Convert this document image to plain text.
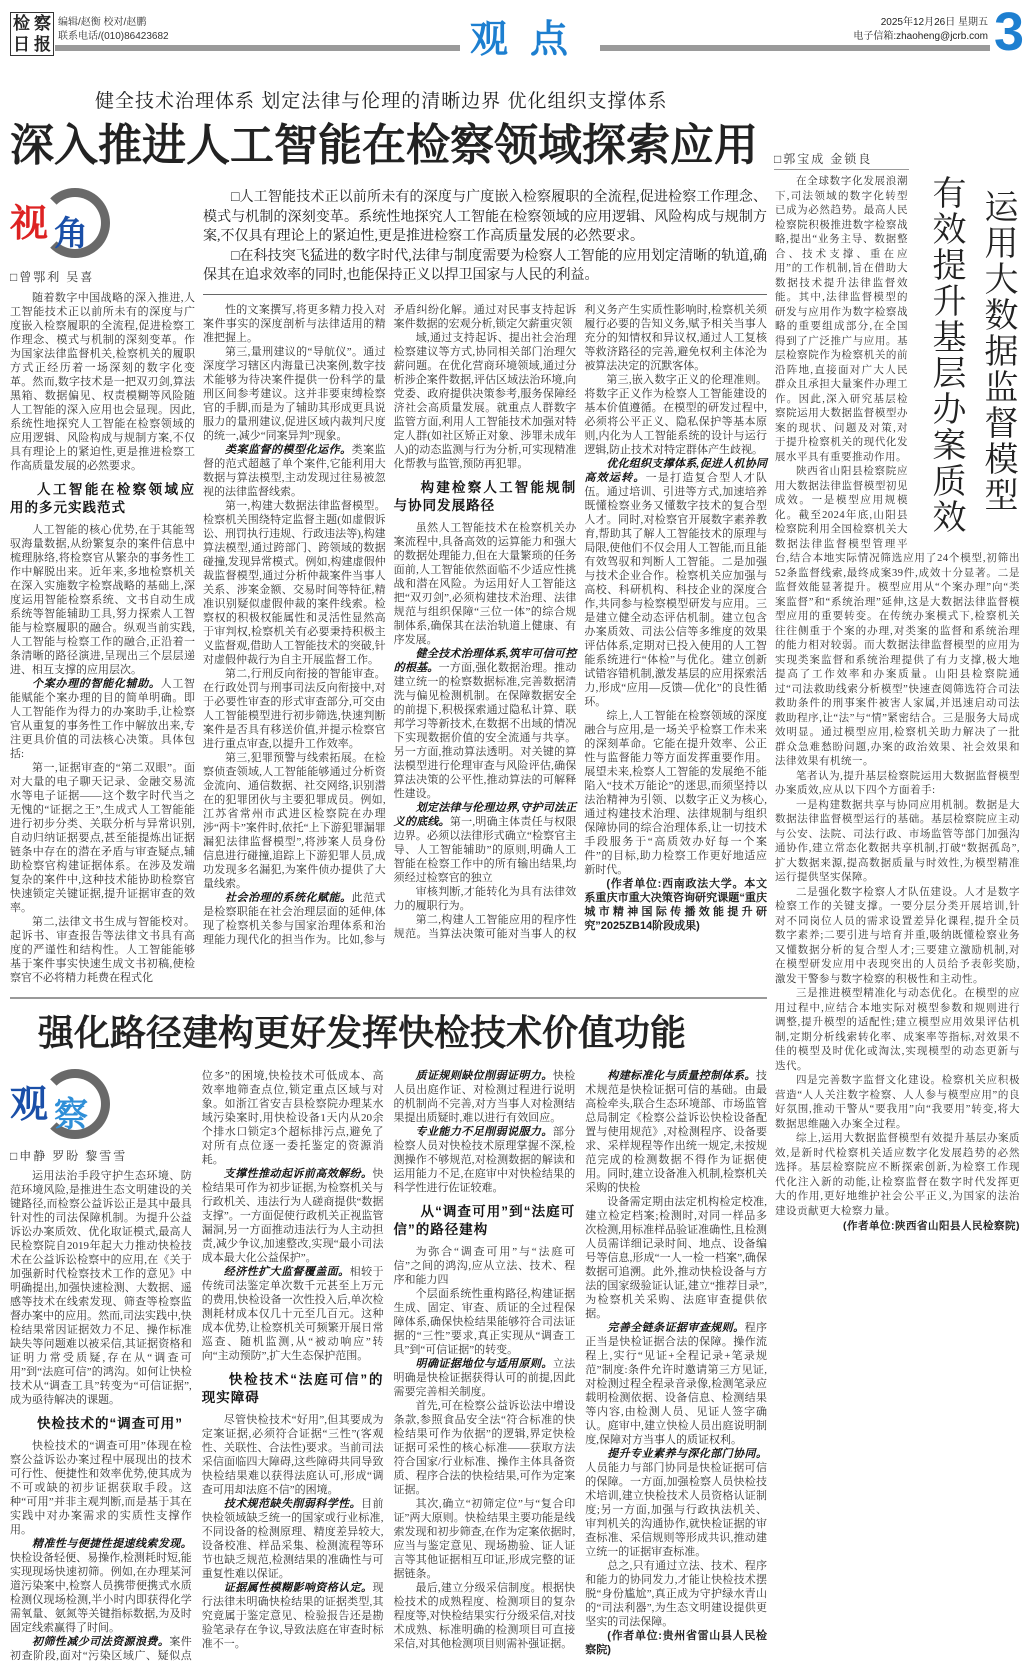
检 察
日 报
编辑/赵衡 校对/赵鹏
联系电话/(010)86423682	观点	2025年12月26日 星期五
电子信箱:zhaoheng@jcrb.com 3
健全技术治理体系 划定法律与伦理的清晰边界 优化组织支撑体系
深入推进人工智能在检察领域探索应用
视 角
□曾鄂利 吴喜

随着数字中国战略的深入推进,人工智能技术正以前所未有的深度与广度嵌入检察履职的全流程,促进检察工作理念、模式与机制的深刻变革。作为国家法律监督机关,检察机关的履职方式正经历着一场深刻的数字化变革。然而,数字技术是一把双刃剑,算法黑箱、数据偏见、权责模糊等风险随人工智能的深入应用也会显现。因此,系统性地探究人工智能在检察领域的应用逻辑、风险构成与规制方案,不仅具有理论上的紧迫性,更是推进检察工作高质量发展的必然要求。

人工智能在检察领域应用的多元实践范式

人工智能的核心优势,在于其能驾驭海量数据,从纷繁复杂的案件信息中梳理脉络,将检察官从繁杂的事务性工作中解脱出来。近年来,多地检察机关在深入实施数字检察战略的基础上,深度运用智能检察系统、文书自动生成系统等智能辅助工具,努力探索人工智能与检察履职的融合。纵观当前实践,人工智能与检察工作的融合,正沿着一条清晰的路径演进,呈现出三个层层递进、相互支撑的应用层次。

个案办理的智能化辅助。人工智能赋能个案办理的目的简单明确。即人工智能作为得力的办案助手,让检察官从重复的事务性工作中解放出来,专注更具价值的司法核心决策。具体包括:

第一,证据审查的“第二双眼”。面对大量的电子聊天记录、金融交易流水等电子证据——这个数字时代当之无愧的“证据之王”,生成式人工智能能进行初步分类、关联分析与异常识别,自动归纳证据要点,甚至能提炼出证据链条中存在的潜在矛盾与审查疑点,辅助检察官构建证据体系。在涉及发端复杂的案件中,这种技术能协助检察官快速锁定关键证据,提升证据审查的效率。

第二,法律文书生成与智能校对。起诉书、审查报告等法律文书具有高度的严谨性和结构性。人工智能能够基于案件事实快速生成文书初稿,使检察官不必将精力耗费在程式化

□人工智能技术正以前所未有的深度与广度嵌入检察履职的全流程,促进检察工作理念、模式与机制的深刻变革。系统性地探究人工智能在检察领域的应用逻辑、风险构成与规制方案,不仅具有理论上的紧迫性,更是推进检察工作高质量发展的必然要求。

□在科技突飞猛进的数字时代,法律与制度需要为检察人工智能的应用划定清晰的轨道,确保其在追求效率的同时,也能保持正义以捍卫国家与人民的利益。

性的文案撰写,将更多精力投入对案件事实的深度剖析与法律适用的精准把握上。

第三,量刑建议的“导航仪”。通过深度学习辖区内海量已决案例,数字技术能够为待决案件提供一份科学的量刑区间参考建议。这并非要束缚检察官的手脚,而是为了辅助其形成更具说服力的量刑建议,促进区域内裁判尺度的统一,减少“同案异判”现象。

类案监督的模型化运作。类案监督的范式超越了单个案件,它能利用大数据与算法模型,主动发现过往易被忽视的法律监督线索。

第一,构建大数据法律监督模型。检察机关围绕特定监督主题(如虚假诉讼、刑罚执行违规、行政违法等),构建算法模型,通过跨部门、跨领域的数据碰撞,发现异常模式。例如,构建虚假仲裁监督模型,通过分析仲裁案件当事人关系、涉案金额、交易时间等特征,精准识别疑似虚假仲裁的案件线索。检察权的积极权能属性和灵活性显然高于审判权,检察机关有必要秉持积极主义监督观,借助人工智能技术的突破,针对虚假仲裁行为自主开展监督工作。

第二,行刑反向衔接的智能审查。在行政处罚与刑事司法反向衔接中,对于必要性审查的形式审查部分,可交由人工智能模型进行初步筛选,快速判断案件是否具有移送价值,并提示检察官进行重点审查,以提升工作效率。

第三,犯罪预警与线索拓展。在检察侦查领域,人工智能能够通过分析资金流向、通信数据、社交网络,识别潜在的犯罪团伙与主要犯罪成员。例如,江苏省常州市武进区检察院在办理涉“两卡”案件时,依托“上下游犯罪漏罪漏犯法律监督模型”,将涉案人员身份信息进行碰撞,追踪上下游犯罪人员,成功发现多名漏犯,为案件侦办提供了大量线索。

社会治理的系统化赋能。此范式是检察职能在社会治理层面的延伸,体现了检察机关参与国家治理体系和治理能力现代化的担当作为。比如,参与矛盾纠纷化解。通过对民事支持起诉案件数据的宏观分析,锁定欠薪重灾领

域,通过支持起诉、提出社会治理检察建议等方式,协同相关部门治理欠薪问题。在优化营商环境领域,通过分析涉企案件数据,评估区域法治环境,向党委、政府提供决策参考,服务保障经济社会高质量发展。就重点人群数字监管方面,利用人工智能技术加强对特定人群(如社区矫正对象、涉罪未成年人)的动态监测与行为分析,可实现精准化帮教与监管,预防再犯罪。

构建检察人工智能规制与协同发展路径

虽然人工智能技术在检察机关办案流程中,具备高效的运算能力和强大的数据处理能力,但在大量繁琐的任务面前,人工智能依然面临不少适应性挑战和潜在风险。为运用好人工智能这把“双刃剑”,必须构建技术治理、法律规范与组织保障“三位一体”的综合规制体系,确保其在法治轨道上健康、有序发展。

健全技术治理体系,筑牢可信可控的根基。一方面,强化数据治理。推动建立统一的检察数据标准,完善数据清洗与偏见检测机制。在保障数据安全的前提下,积极探索通过隐私计算、联邦学习等新技术,在数据不出域的情况下实现数据价值的安全流通与共享。另一方面,推动算法透明。对关键的算法模型进行伦理审查与风险评估,确保算法决策的公平性,推动算法的可解释性建设。

划定法律与伦理边界,守护司法正义的底线。第一,明确主体责任与权限边界。必须以法律形式确立“检察官主导、人工智能辅助”的原则,明确人工智能在检察工作中的所有输出结果,均须经过检察官的独立

审核判断,才能转化为具有法律效力的履职行为。

第二,构建人工智能应用的程序性规范。当算法决策可能对当事人的权利义务产生实质性影响时,检察机关须履行必要的告知义务,赋予相关当事人充分的知情权和异议权,通过人工复核等救济路径的完善,避免权利主体沦为被算法决定的沉默客体。

第三,嵌入数字正义的伦理准则。将数字正义作为检察人工智能建设的基本价值遵循。在模型的研发过程中,必须将公平正义、隐私保护等基本原则,内化为人工智能系统的设计与运行逻辑,防止技术对特定群体产生歧视。

优化组织支撑体系,促进人机协同高效运转。一是打造复合型人才队伍。通过培训、引进等方式,加速培养既懂检察业务又懂数字技术的复合型人才。同时,对检察官开展数字素养教育,帮助其了解人工智能技术的原理与局限,使他们不仅会用人工智能,而且能有效驾驭和判断人工智能。二是加强与技术企业合作。检察机关应加强与高校、科研机构、科技企业的深度合作,共同参与检察模型研发与应用。三是建立健全动态评估机制。建立包含办案质效、司法公信等多维度的效果评估体系,定期对已投入使用的人工智能系统进行“体检”与优化。建立创新试错容错机制,激发基层的应用探索活力,形成“应用—反馈—优化”的良性循环。

综上,人工智能在检察领域的深度融合与应用,是一场关乎检察工作未来的深刻革命。它能在提升效率、公正性与监督能力等方面发挥重要作用。展望未来,检察人工智能的发展绝不能陷入“技术万能论”的迷思,而须坚持以法治精神为引领、以数字正义为核心,通过构建技术治理、法律规制与组织保障协同的综合治理体系,让一切技术手段服务于“高质效办好每一个案件”的目标,助力检察工作更好地适应新时代。

(作者单位:西南政法大学。本文系重庆市重大决策咨询研究课题“重庆城市精神国际传播效能提升研究”2025ZB14阶段成果)

强化路径建构更好发挥快检技术价值功能
观 察
□申静 罗盼 黎雪雪

运用法治手段守护生态环境、防范环境风险,是推进生态文明建设的关键路径,而检察公益诉讼正是其中最具针对性的司法保障机制。为提升公益诉讼办案质效、优化取证模式,最高人民检察院自2019年起大力推动快检技术在公益诉讼检察中的应用,在《关于加强新时代检察技术工作的意见》中明确提出,加强快速检测、大数据、遥感等技术在线索发现、筛查等检察监督办案中的应用。然而,司法实践中,快检结果常因证据效力不足、操作标准缺失等问题难以被采信,其证据资格和证明力常受质疑,存在从“调查可用”到“法庭可信”的鸿沟。如何让快检技术从“调查工具”转变为“可信证据”,成为亟待解决的课题。

快检技术的“调查可用”

快检技术的“调查可用”体现在检察公益诉讼办案过程中展现出的技术可行性、便捷性和效率优势,使其成为不可或缺的初步证据获取手段。这种“可用”并非主观判断,而是基于其在实践中对办案需求的实质性支撑作用。

精准性与便捷性提速线索发现。快检设备轻便、易操作,检测耗时短,能实现现场快速初筛。例如,在办理某河道污染案中,检察人员携带便携式水质检测仪现场检测,半小时内即获得化学需氧量、氨氮等关键指标数据,为及时固定线索赢得了时间。

初筛性减少司法资源浪费。案件初查阶段,面对“污染区域广、疑似点位多”的困境,快检技术可低成本、高效率地筛查点位,锁定重点区域与对象。如浙江省安吉县检察院办理某水域污染案时,用快检设备1天内从20余个排水口锁定3个超标排污点,避免了对所有点位逐一委托鉴定的资源消耗。

支撑性推动起诉前高效解纷。快检结果可作为初步证据,为检察机关与行政机关、违法行为人磋商提供“数据支撑”。一方面促使行政机关正视监管漏洞,另一方面推动违法行为人主动担责,减少争议,加速整改,实现“最小司法成本最大化公益保护”。

经济性扩大监督覆盖面。相较于传统司法鉴定单次数千元甚至上万元的费用,快检设备一次性投入后,单次检测耗材成本仅几十元至几百元。这种成本优势,让检察机关可频繁开展日常巡查、随机监测,从“被动响应”转向“主动预防”,扩大生态保护范围。

快检技术“法庭可信”的现实障碍

尽管快检技术“好用”,但其要成为定案证据,必须符合证据“三性”(客观性、关联性、合法性)要求。当前司法采信面临四大障碍,这些障碍共同导致快检结果难以获得法庭认可,形成“调查可用却法庭不信”的困境。

技术规范缺失削弱科学性。目前快检领域缺乏统一的国家或行业标准,不同设备的检测原理、精度差异较大,设备校准、样品采集、检测流程等环节也缺乏规范,检测结果的准确性与可重复性难以保证。

证据属性模糊影响资格认定。现行法律未明确快检结果的证据类型,其究竟属于鉴定意见、检验报告还是勘验笔录存在争议,导致法庭在审查时标准不一。

质证规则缺位削弱证明力。快检人员出庭作证、对检测过程进行说明的机制尚不完善,对方当事人对检测结果提出质疑时,难以进行有效回应。

专业能力不足削弱说服力。部分检察人员对快检技术原理掌握不深,检测操作不够规范,对检测数据的解读和运用能力不足,在庭审中对快检结果的科学性进行佐证较难。

从“调查可用”到“法庭可信”的路径建构

为弥合“调查可用”与“法庭可信”之间的鸿沟,应从立法、技术、程序和能力四

个层面系统性重构路径,构建证据生成、固定、审查、质证的全过程保障体系,确保快检结果能够符合司法证据的“三性”要求,真正实现从“调查工具”到“可信证据”的转变。

明确证据地位与适用原则。立法明确是快检证据获得认可的前提,因此需要完善相关制度。

首先,可在检察公益诉讼法中增设条款,参照食品安全法“符合标准的快检结果可作为依据”的逻辑,界定快检证据可采性的核心标准——获取方法符合国家/行业标准、操作主体具备资质、程序合法的快检结果,可作为定案证据。

其次,确立“初筛定位”与“复合印证”两大原则。快检结果主要功能是线索发现和初步筛查,在作为定案依据时,应当与鉴定意见、现场勘验、证人证言等其他证据相互印证,形成完整的证据链条。

最后,建立分级采信制度。根据快检技术的成熟程度、检测项目的复杂程度等,对快检结果实行分级采信,对技术成熟、标准明确的检测项目可直接采信,对其他检测项目则需补强证据。

构建标准化与质量控制体系。技术规范是快检证据可信的基础。由最高检牵头,联合生态环境部、市场监管总局制定《检察公益诉讼快检设备配置与使用规范》,对检测程序、设备要求、采样规程等作出统一规定,未按规范完成的检测数据不得作为证据使用。同时,建立设备准入机制,检察机关采购的快检

设备需定期由法定机构检定校准,建立检定档案;检测时,对同一样品多次检测,用标准样品验证准确性,且检测人员需详细记录时间、地点、设备编号等信息,形成“一人一检一档案”,确保数据可追溯。此外,推动快检设备与方法的国家级验证认证,建立“推荐目录”,为检察机关采购、法庭审查提供依据。

完善全链条证据审查规则。程序正当是快检证据合法的保障。操作流程上,实行“见证+全程记录+笔录规范”制度:条件允许时邀请第三方见证,对检测过程全程录音录像,检测笔录应载明检测依据、设备信息、检测结果等内容,由检测人员、见证人签字确认。庭审中,建立快检人员出庭说明制度,保障对方当事人的质证权利。

提升专业素养与深化部门协同。人员能力与部门协同是快检证据可信的保障。一方面,加强检察人员快检技术培训,建立快检技术人员资格认证制度;另一方面,加强与行政执法机关、审判机关的沟通协作,就快检证据的审查标准、采信规则等形成共识,推动建立统一的证据审查标准。

总之,只有通过立法、技术、程序和能力的协同发力,才能让快检技术摆脱“身份尴尬”,真正成为守护绿水青山的“司法利器”,为生态文明建设提供更坚实的司法保障。

(作者单位:贵州省雷山县人民检察院)

□郭宝成 金锁良
运用大数据监督模型
有效提升基层办案质效

在全球数字化发展浪潮下,司法领域的数字化转型已成为必然趋势。最高人民检察院积极推进数字检察战略,提出“业务主导、数据整合、技术支撑、重在应用”的工作机制,旨在借助大数据技术提升法律监督效能。其中,法律监督模型的研发与应用作为数字检察战略的重要组成部分,在全国得到了广泛推广与应用。基层检察院作为检察机关的前沿阵地,直接面对广大人民群众且承担大量案件办理工作。因此,深入研究基层检察院运用大数据监督模型办案的现状、问题及对策,对于提升检察机关的现代化发展水平具有重要推动作用。

陕西省山阳县检察院应用大数据法律监督模型初见成效。一是模型应用规模化。截至2024年底,山阳县检察院利用全国检察机关大数据法律监督模型管理平台,结合本地实际情况筛选应用了24个模型,初筛出52条监督线索,最终成案39件,成效十分显著。二是监督效能显著提升。模型应用从“个案办理”向“类案监督”和“系统治理”延伸,这是大数据法律监督模型应用的重要转变。在传统办案模式下,检察机关往往侧重于个案的办理,对类案的监督和系统治理的能力相对较弱。而大数据法律监督模型的应用为实现类案监督和系统治理提供了有力支撑,极大地提高了工作效率和办案质量。山阳县检察院通过“司法救助线索分析模型”快速查阅筛选符合司法救助条件的刑事案件被害人家属,并迅速启动司法救助程序,让“法”与“情”紧密结合。三是服务大局成效明显。通过模型应用,检察机关助力解决了一批群众急难愁盼问题,办案的政治效果、社会效果和法律效果有机统一。

笔者认为,提升基层检察院运用大数据监督模型办案质效,应从以下四个方面着手:

一是构建数据共享与协同应用机制。数据是大数据法律监督模型运行的基础。基层检察院应主动与公安、法院、司法行政、市场监管等部门加强沟通协作,建立常态化数据共享机制,打破“数据孤岛”,扩大数据来源,提高数据质量与时效性,为模型精准运行提供坚实保障。

二是强化数字检察人才队伍建设。人才是数字检察工作的关键支撑。一要分层分类开展培训,针对不同岗位人员的需求设置差异化课程,提升全员数字素养;二要引进与培育并重,吸纳既懂检察业务又懂数据分析的复合型人才;三要建立激励机制,对在模型研发应用中表现突出的人员给予表彰奖励,激发干警参与数字检察的积极性和主动性。

三是推进模型精准化与动态优化。在模型的应用过程中,应结合本地实际对模型参数和规则进行调整,提升模型的适配性;建立模型应用效果评估机制,定期分析线索转化率、成案率等指标,对效果不佳的模型及时优化或淘汰,实现模型的动态更新与迭代。

四是完善数字监督文化建设。检察机关应积极营造“人人关注数字检察、人人参与模型应用”的良好氛围,推动干警从“要我用”向“我要用”转变,将大数据思维融入办案全过程。

综上,运用大数据监督模型有效提升基层办案质效,是新时代检察机关适应数字化发展趋势的必然选择。基层检察院应不断探索创新,为检察工作现代化注入新的动能,让检察监督在数字时代发挥更大的作用,更好地维护社会公平正义,为国家的法治建设贡献更大检察力量。

(作者单位:陕西省山阳县人民检察院)
